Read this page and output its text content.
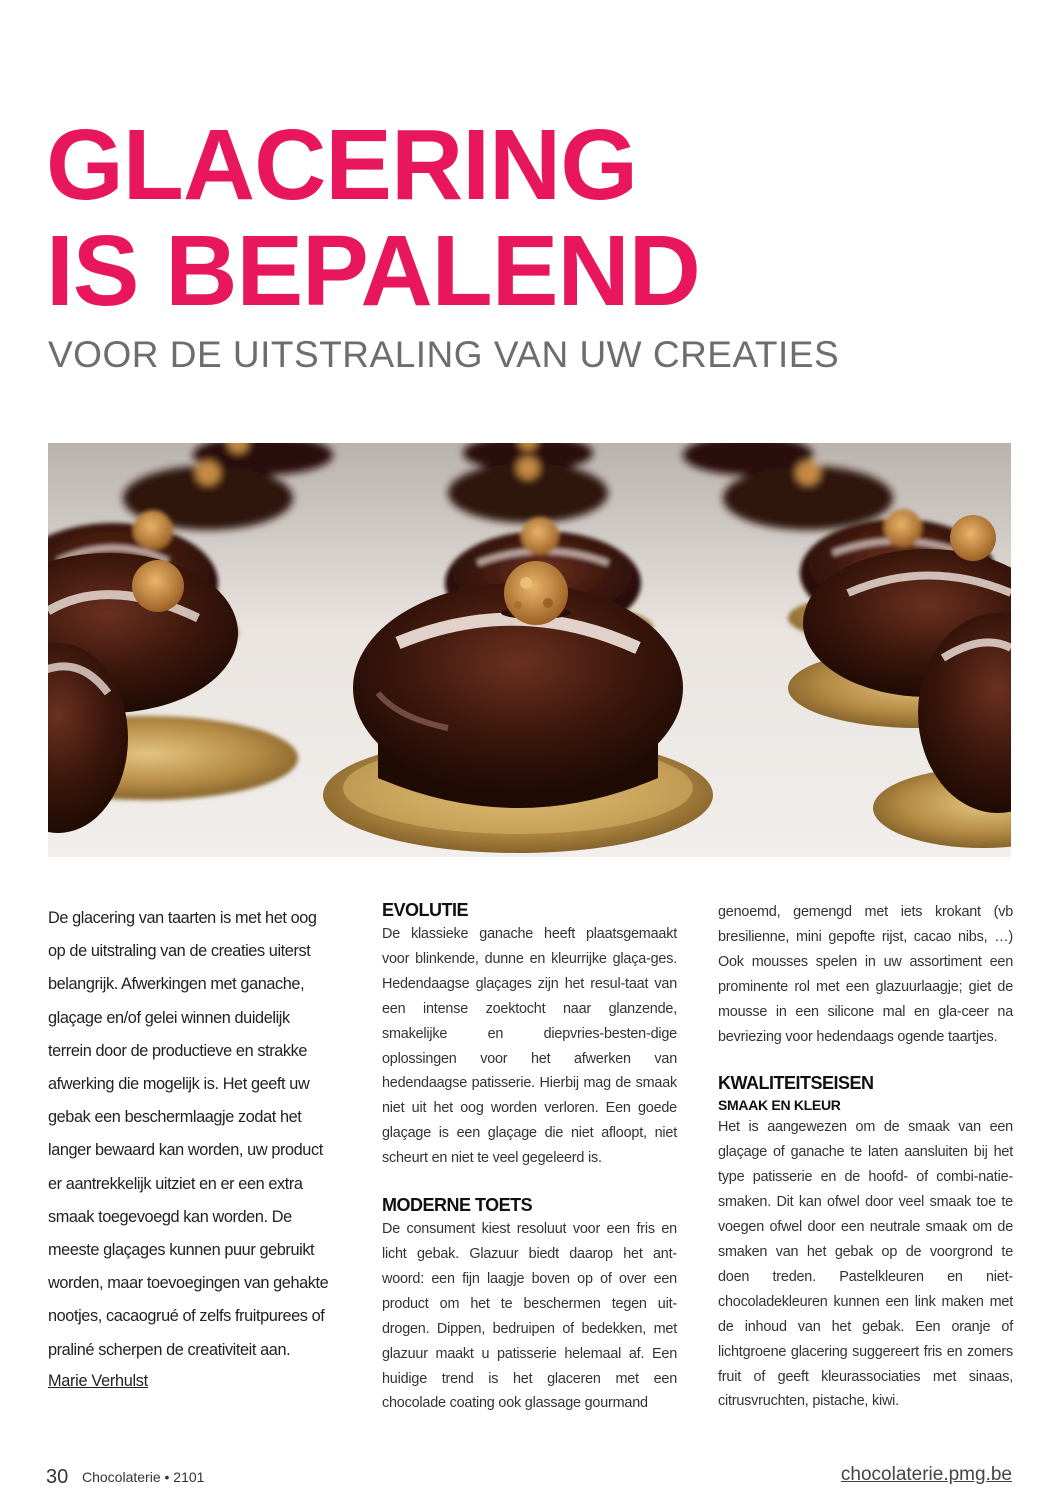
GLACERING
IS BEPALEND
VOOR DE UITSTRALING VAN UW CREATIES

De glacering van taarten is met het oog op de uitstraling van de creaties uiterst belangrijk. Afwerkingen met ganache, glaçage en/of gelei winnen duidelijk terrein door de productieve en strakke afwerking die mogelijk is. Het geeft uw gebak een beschermlaagje zodat het langer bewaard kan worden, uw product er aantrekkelijk uitziet en er een extra smaak toegevoegd kan worden. De meeste glaçages kunnen puur gebruikt worden, maar toevoegingen van gehakte nootjes, cacaogrué of zelfs fruitpurees of praliné scherpen de creativiteit aan.

Marie Verhulst
EVOLUTIE

De klassieke ganache heeft plaatsgemaakt voor blinkende, dunne en kleurrijke glaça-ges. Hedendaagse glaçages zijn het resul-taat van een intense zoektocht naar glanzende, smakelijke en diepvries-besten-dige oplossingen voor het afwerken van hedendaagse patisserie. Hierbij mag de smaak niet uit het oog worden verloren. Een goede glaçage is een glaçage die niet afloopt, niet scheurt en niet te veel gegeleerd is.

MODERNE TOETS

De consument kiest resoluut voor een fris en licht gebak. Glazuur biedt daarop het ant-woord: een fijn laagje boven op of over een product om het te beschermen tegen uit-drogen. Dippen, bedruipen of bedekken, met glazuur maakt u patisserie helemaal af. Een huidige trend is het glaceren met een chocolade coating ook glassage gourmand

genoemd, gemengd met iets krokant (vb bresilienne, mini gepofte rijst, cacao nibs, …) Ook mousses spelen in uw assortiment een prominente rol met een glazuurlaagje; giet de mousse in een silicone mal en gla-ceer na bevriezing voor hedendaags ogende taartjes.

KWALITEITSEISEN
SMAAK EN KLEUR

Het is aangewezen om de smaak van een glaçage of ganache te laten aansluiten bij het type patisserie en de hoofd- of combi-natie-smaken. Dit kan ofwel door veel smaak toe te voegen ofwel door een neutrale smaak om de smaken van het gebak op de voorgrond te doen treden. Pastelkleuren en niet-chocoladekleuren kunnen een link maken met de inhoud van het gebak. Een oranje of lichtgroene glacering suggereert fris en zomers fruit of geeft kleurassociaties met sinaas, citrusvruchten, pistache, kiwi.

30 Chocolaterie • 2101	chocolaterie.pmg.be
